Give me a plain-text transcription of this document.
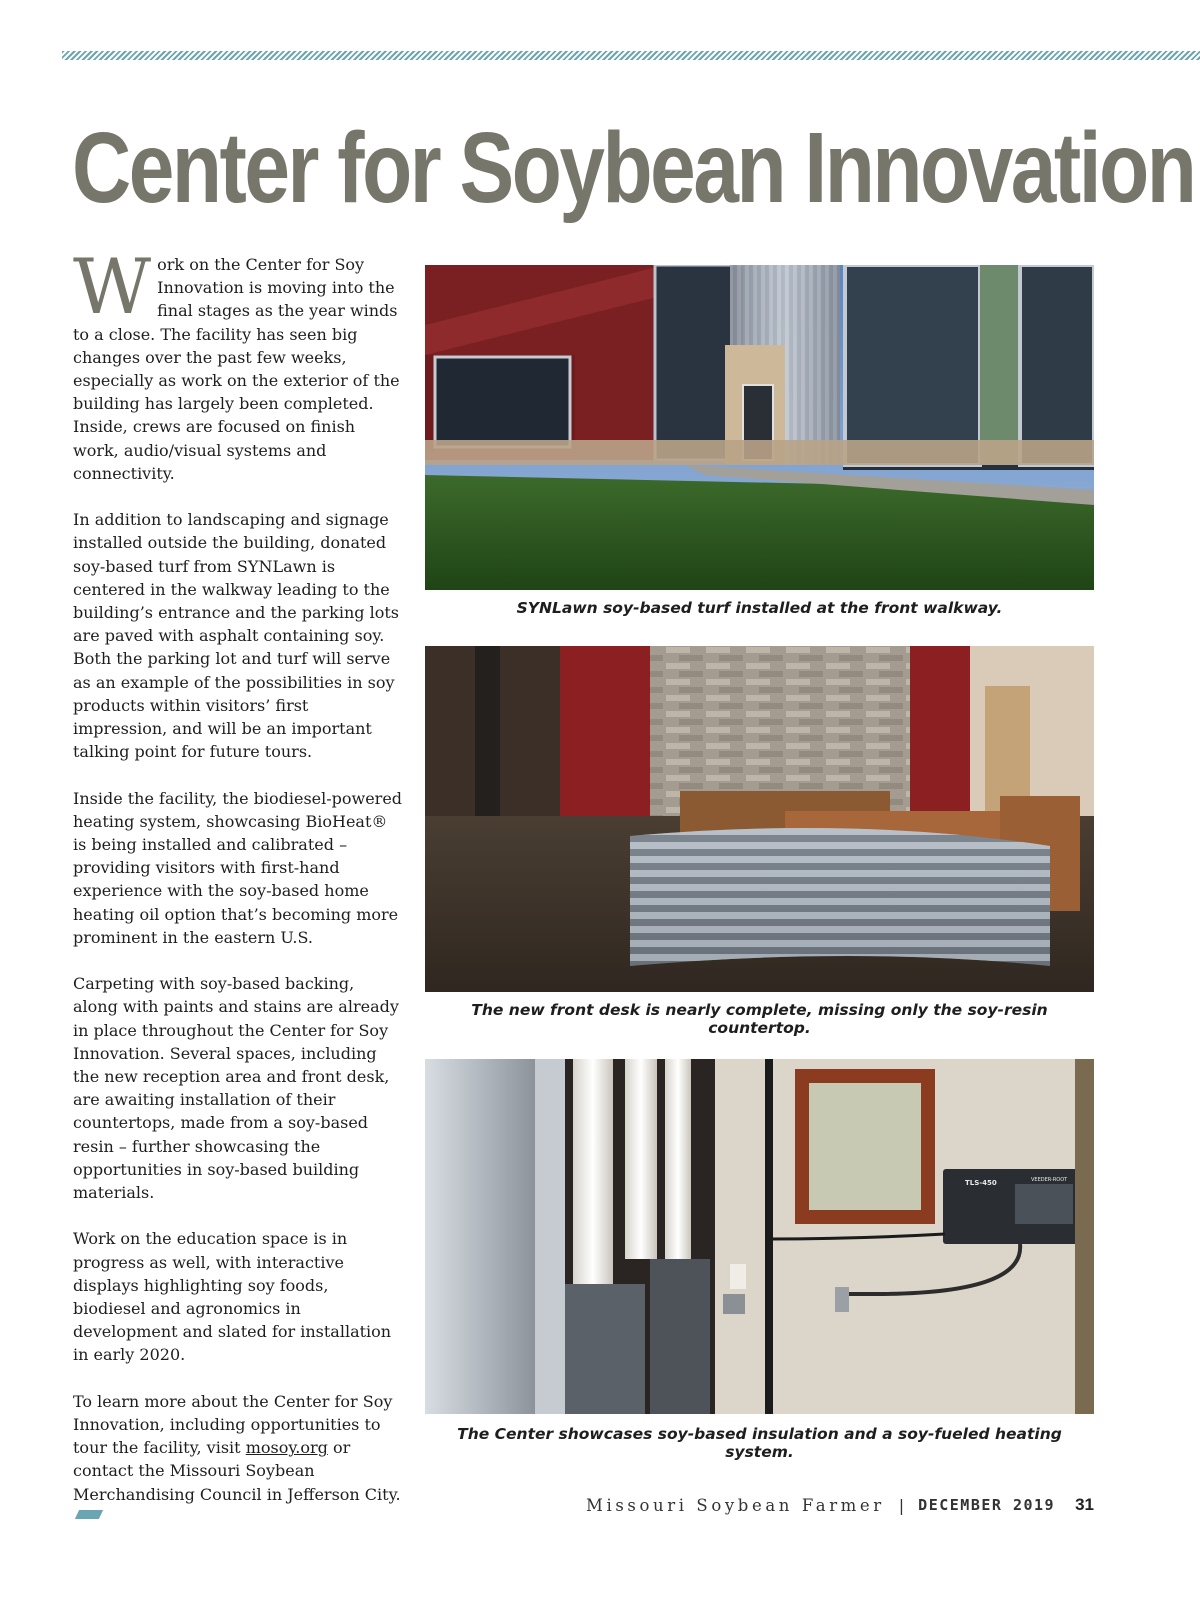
Center for Soybean Innovation

Work on the Center for Soy Innovation is moving into the final stages as the year winds to a close. The facility has seen big changes over the past few weeks, especially as work on the exterior of the building has largely been completed. Inside, crews are focused on finish work, audio/visual systems and connectivity.

In addition to landscaping and signage installed outside the building, donated soy-based turf from SYNLawn is centered in the walkway leading to the building’s entrance and the parking lots are paved with asphalt containing soy. Both the parking lot and turf will serve as an example of the possibilities in soy products within visitors’ first impression, and will be an important talking point for future tours.

Inside the facility, the biodiesel-powered heating system, showcasing BioHeat® is being installed and calibrated – providing visitors with first-hand experience with the soy-based home heating oil option that’s becoming more prominent in the eastern U.S.

Carpeting with soy-based backing, along with paints and stains are already in place throughout the Center for Soy Innovation. Several spaces, including the new reception area and front desk, are awaiting installation of their countertops, made from a soy-based resin – further showcasing the opportunities in soy-based building materials.

Work on the education space is in progress as well, with interactive displays highlighting soy foods, biodiesel and agronomics in development and slated for installation in early 2020.

To learn more about the Center for Soy Innovation, including opportunities to tour the facility, visit mosoy.org or contact the Missouri Soybean Merchandising Council in Jefferson City.

SYNLawn soy-based turf installed at the front walkway.

The new front desk is nearly complete, missing only the soy-resin countertop.

TLS-450	VEEDER-ROOT

The Center showcases soy-based insulation and a soy-fueled heating system.

Missouri Soybean Farmer | DECEMBER 2019 31
